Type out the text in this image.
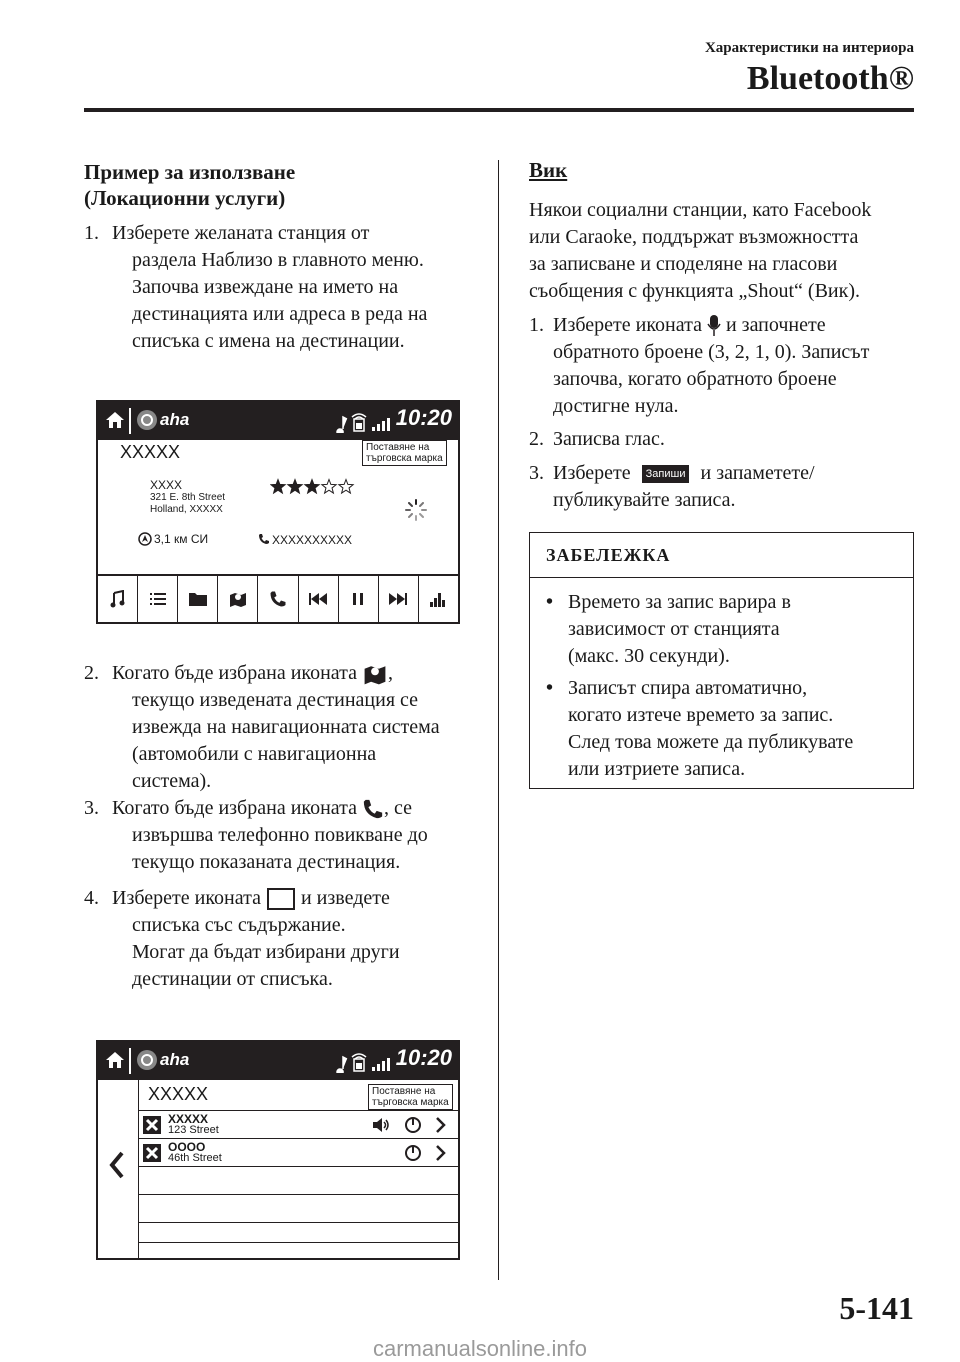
Характеристики на интериора
Bluetooth®
Пример за използване
(Локационни услуги)
1. Изберете желаната станция от
раздела Наблизо в главното меню.
Започва извеждане на името на
дестинацията или адреса в реда на
списъка с имена на дестинации.
aha	10:20
XXXXX	Поставяне на
търговска марка
XXXX
321 E. 8th Street
Holland, XXXXX
3,1 км СИ	XXXXXXXXXX
2. Когато бъде избрана иконата ,
текущо изведената дестинация се
извежда на навигационната система
(автомобили с навигационна
система).
3. Когато бъде избрана иконата , се
извършва телефонно повикване до
текущо показаната дестинация.
4. Изберете иконата и изведете
списъка със съдържание.
Могат да бъдат избирани други
дестинации от списъка.
aha	10:20
XXXXX	Поставяне на
търговска марка
XXXXX
123 Street
OOOO
46th Street
Вик
Някои социални станции, като Facebook
или Caraoke, поддържат възможността
за записване и споделяне на гласови
съобщения с функцията „Shout“ (Вик).
1. Изберете иконата и започнете
обратното броене (3, 2, 1, 0). Записът
започва, когато обратното броене
достигне нула.
2. Записва глас.
3. Изберете Запиши и запаметете/
публикувайте записа.
ЗАБЕЛЕЖКА
• Времето за запис варира в
зависимост от станцията
(макс. 30 секунди).
• Записът спира автоматично,
когато изтече времето за запис.
След това можете да публикувате
или изтриете записа.
5-141
carmanualsonline.info
